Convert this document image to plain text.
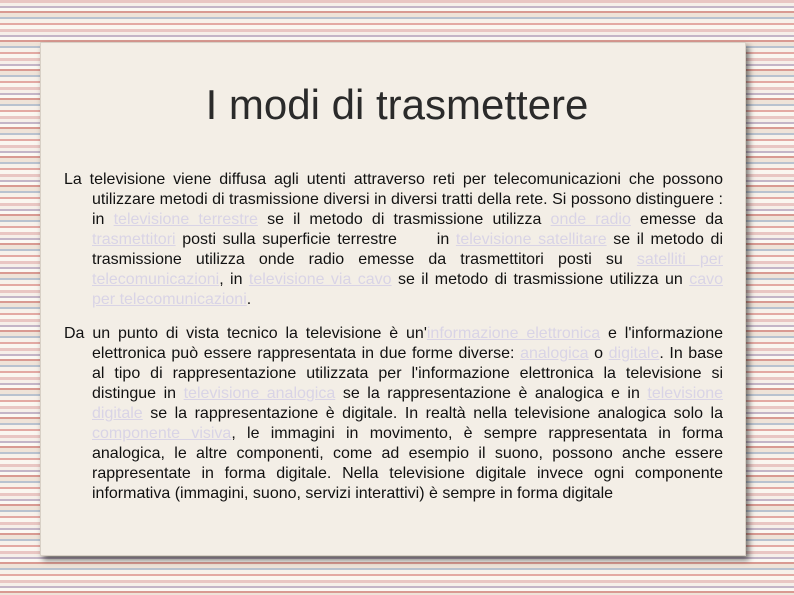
I modi di trasmettere

La televisione viene diffusa agli utenti attraverso reti per telecomunicazioni che possono utilizzare metodi di trasmissione diversi in diversi tratti della rete. Si possono distinguere : in televisione terrestre se il metodo di trasmissione utilizza onde radio emesse da trasmettitori posti sulla superficie terrestre      in televisione satellitare se il metodo di trasmissione utilizza onde radio emesse da trasmettitori posti su satelliti per telecomunicazioni, in televisione via cavo se il metodo di trasmissione utilizza un cavo per telecomunicazioni.

Da un punto di vista tecnico la televisione è un'informazione elettronica e l'informazione elettronica può essere rappresentata in due forme diverse: analogica o digitale. In base al tipo di rappresentazione utilizzata per l'informazione elettronica la televisione si distingue in televisione analogica se la rappresentazione è analogica e in televisione digitale se la rappresentazione è digitale. In realtà nella televisione analogica solo la componente visiva, le immagini in movimento, è sempre rappresentata in forma analogica, le altre componenti, come ad esempio il suono, possono anche essere rappresentate in forma digitale. Nella televisione digitale invece ogni componente informativa (immagini, suono, servizi interattivi) è sempre in forma digitale
